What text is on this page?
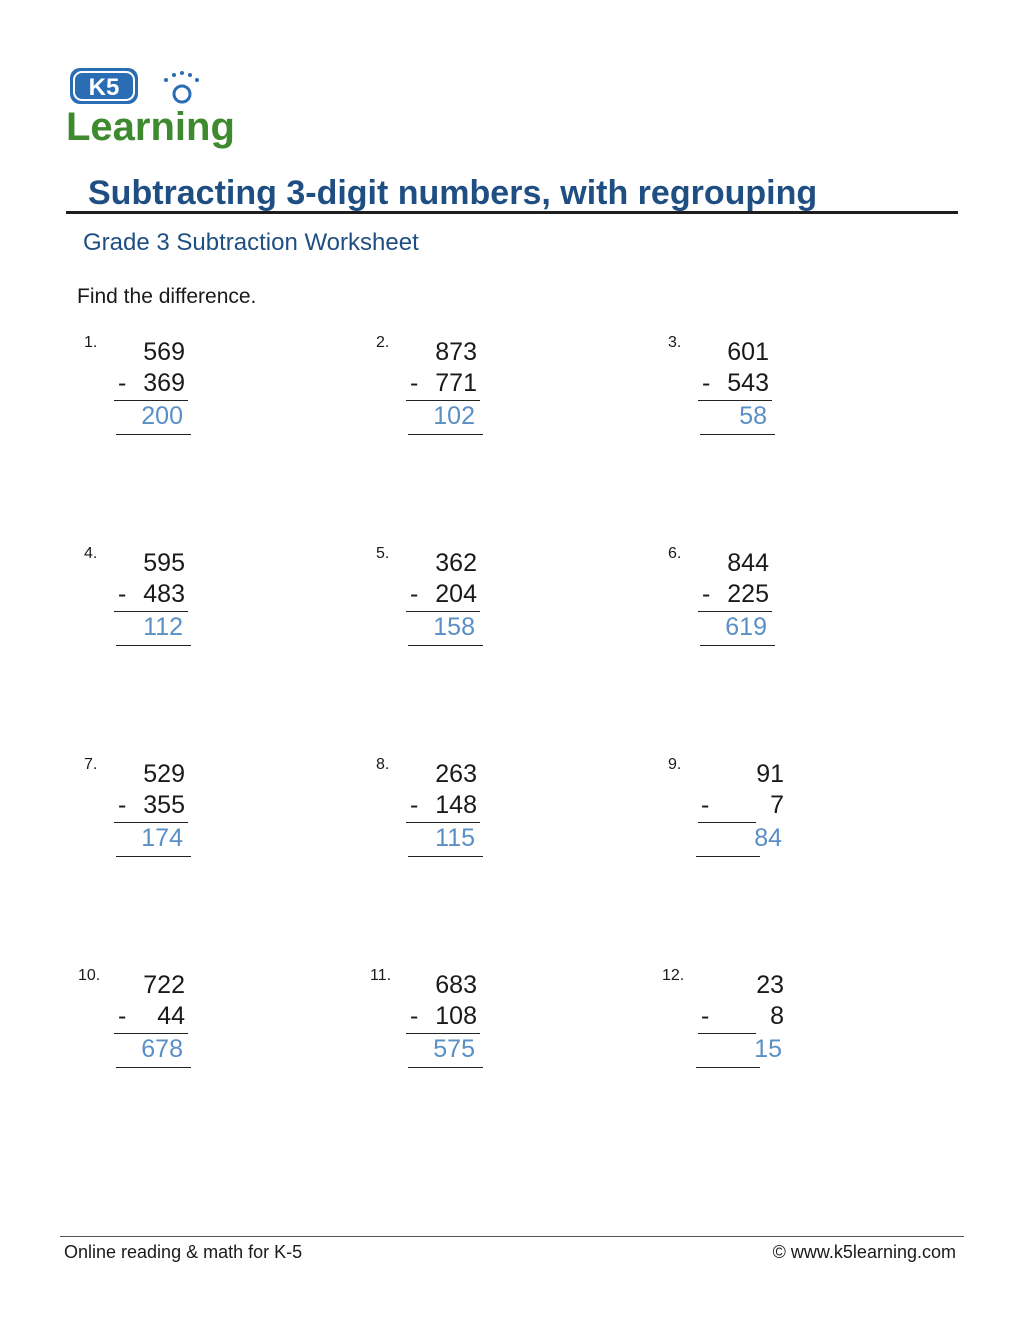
K5
Learning
Subtracting 3-digit numbers, with regrouping
Grade 3 Subtraction Worksheet
Find the difference.
1.	569
- 369
200
2.	873
- 771
102
3.	601
- 543
58
4.	595
- 483
112
5.	362
- 204
158
6.	844
- 225
619
7.	529
- 355
174
8.	263
- 148
115
9.	91
-	7
84
10.	722
-	44
678
11.	683
- 108
575
12.	23
-	8
15
Online reading & math for K-5	© www.k5learning.com
